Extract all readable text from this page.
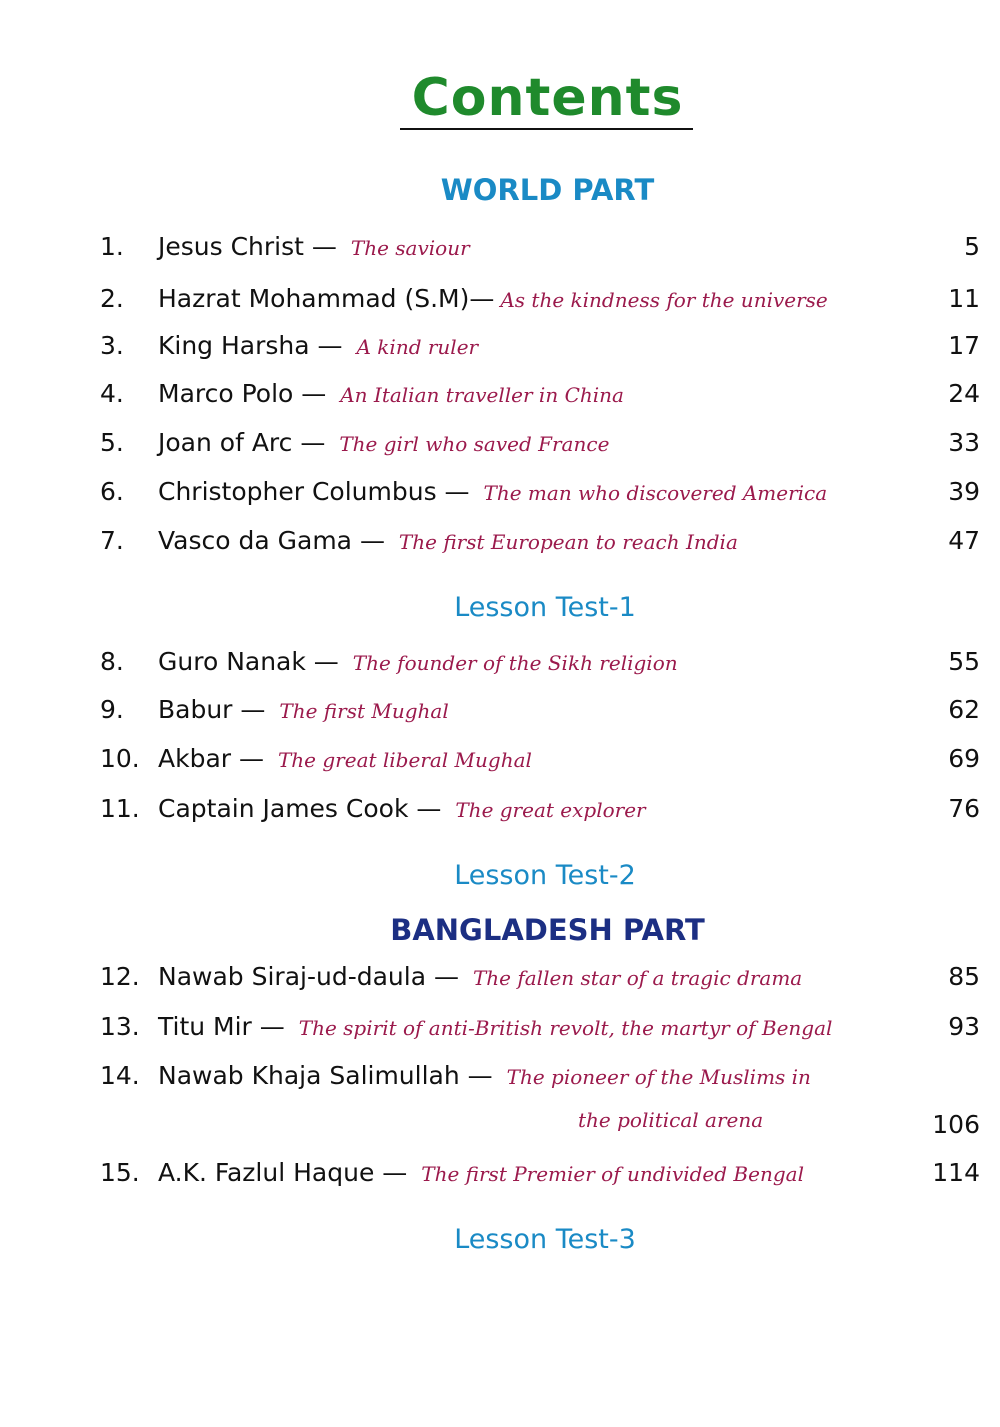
Contents
WORLD PART
1. Jesus Christ — The saviour	5
2. Hazrat Mohammad (S.M)— As the kindness for the universe	11
3. King Harsha — A kind ruler	17
4. Marco Polo — An Italian traveller in China	24
5. Joan of Arc — The girl who saved France	33
6. Christopher Columbus — The man who discovered America	39
7. Vasco da Gama — The first European to reach India	47
Lesson Test-1
8. Guro Nanak — The founder of the Sikh religion	55
9. Babur — The first Mughal	62
10. Akbar — The great liberal Mughal	69
11. Captain James Cook — The great explorer	76
Lesson Test-2
BANGLADESH PART
12. Nawab Siraj-ud-daula — The fallen star of a tragic drama	85
13. Titu Mir — The spirit of anti-British revolt, the martyr of Bengal	93
14. Nawab Khaja Salimullah — The pioneer of the Muslims in
the political arena	106
15. A.K. Fazlul Haque — The first Premier of undivided Bengal	114
Lesson Test-3
